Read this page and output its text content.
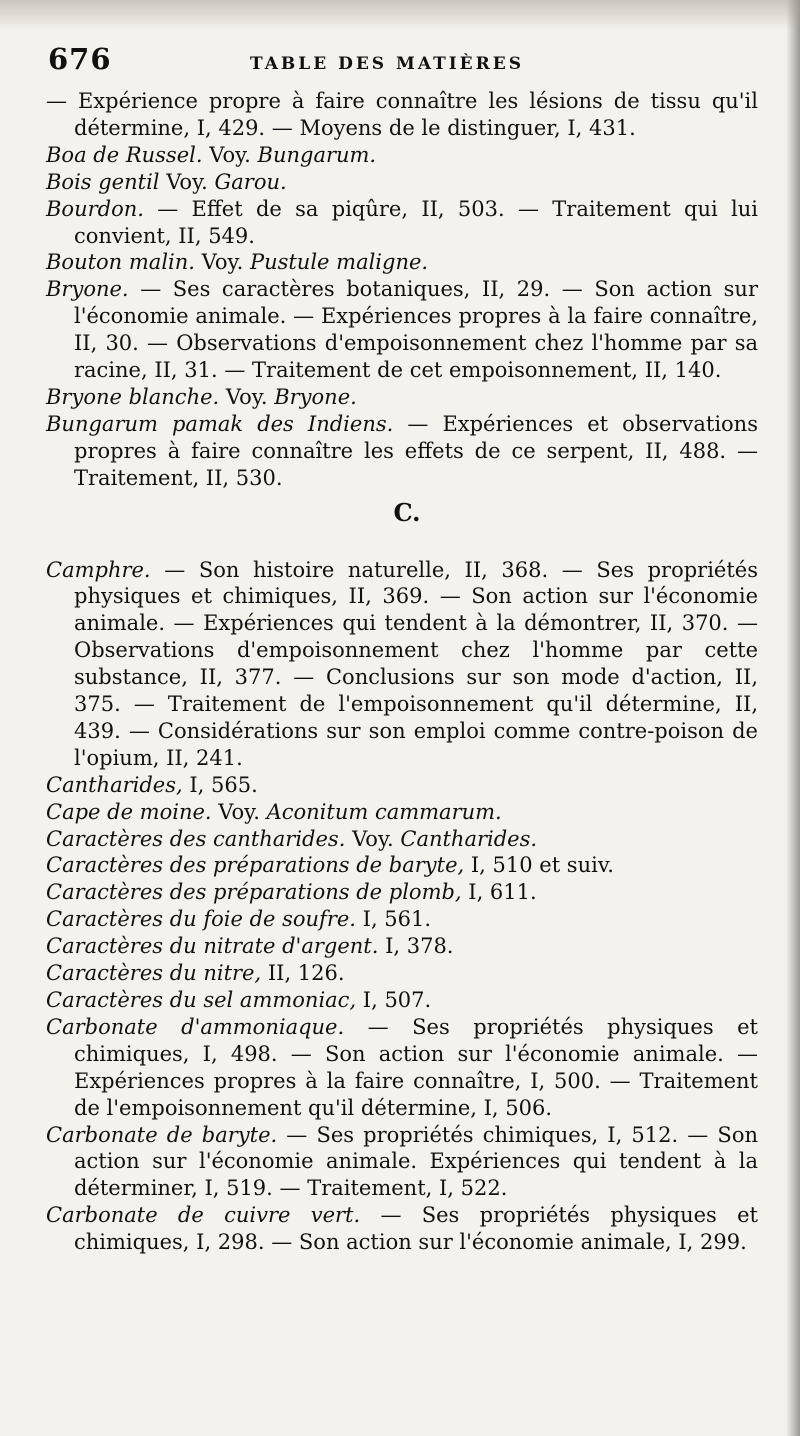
676	TABLE DES MATIÈRES

— Expérience propre à faire connaître les lésions de tissu qu'il détermine, I, 429. — Moyens de le distinguer, I, 431.

Boa de Russel. Voy. Bungarum.

Bois gentil Voy. Garou.

Bourdon. — Effet de sa piqûre, II, 503. — Traitement qui lui convient, II, 549.

Bouton malin. Voy. Pustule maligne.

Bryone. — Ses caractères botaniques, II, 29. — Son action sur l'économie animale. — Expériences propres à la faire connaître, II, 30. — Observations d'empoisonnement chez l'homme par sa racine, II, 31. — Traitement de cet empoisonnement, II, 140.

Bryone blanche. Voy. Bryone.

Bungarum pamak des Indiens. — Expériences et observations propres à faire connaître les effets de ce serpent, II, 488. — Traitement, II, 530.

C.

Camphre. — Son histoire naturelle, II, 368. — Ses propriétés physiques et chimiques, II, 369. — Son action sur l'économie animale. — Expériences qui tendent à la démontrer, II, 370. — Observations d'empoisonnement chez l'homme par cette substance, II, 377. — Conclusions sur son mode d'action, II, 375. — Traitement de l'empoisonnement qu'il détermine, II, 439. — Considérations sur son emploi comme contre-poison de l'opium, II, 241.

Cantharides, I, 565.

Cape de moine. Voy. Aconitum cammarum.

Caractères des cantharides. Voy. Cantharides.

Caractères des préparations de baryte, I, 510 et suiv.

Caractères des préparations de plomb, I, 611.

Caractères du foie de soufre. I, 561.

Caractères du nitrate d'argent. I, 378.

Caractères du nitre, II, 126.

Caractères du sel ammoniac, I, 507.

Carbonate d'ammoniaque. — Ses propriétés physiques et chimiques, I, 498. — Son action sur l'économie animale. — Expériences propres à la faire connaître, I, 500. — Traitement de l'empoisonnement qu'il détermine, I, 506.

Carbonate de baryte. — Ses propriétés chimiques, I, 512. — Son action sur l'économie animale. Expériences qui tendent à la déterminer, I, 519. — Traitement, I, 522.

Carbonate de cuivre vert. — Ses propriétés physiques et chimiques, I, 298. — Son action sur l'économie animale, I, 299.
